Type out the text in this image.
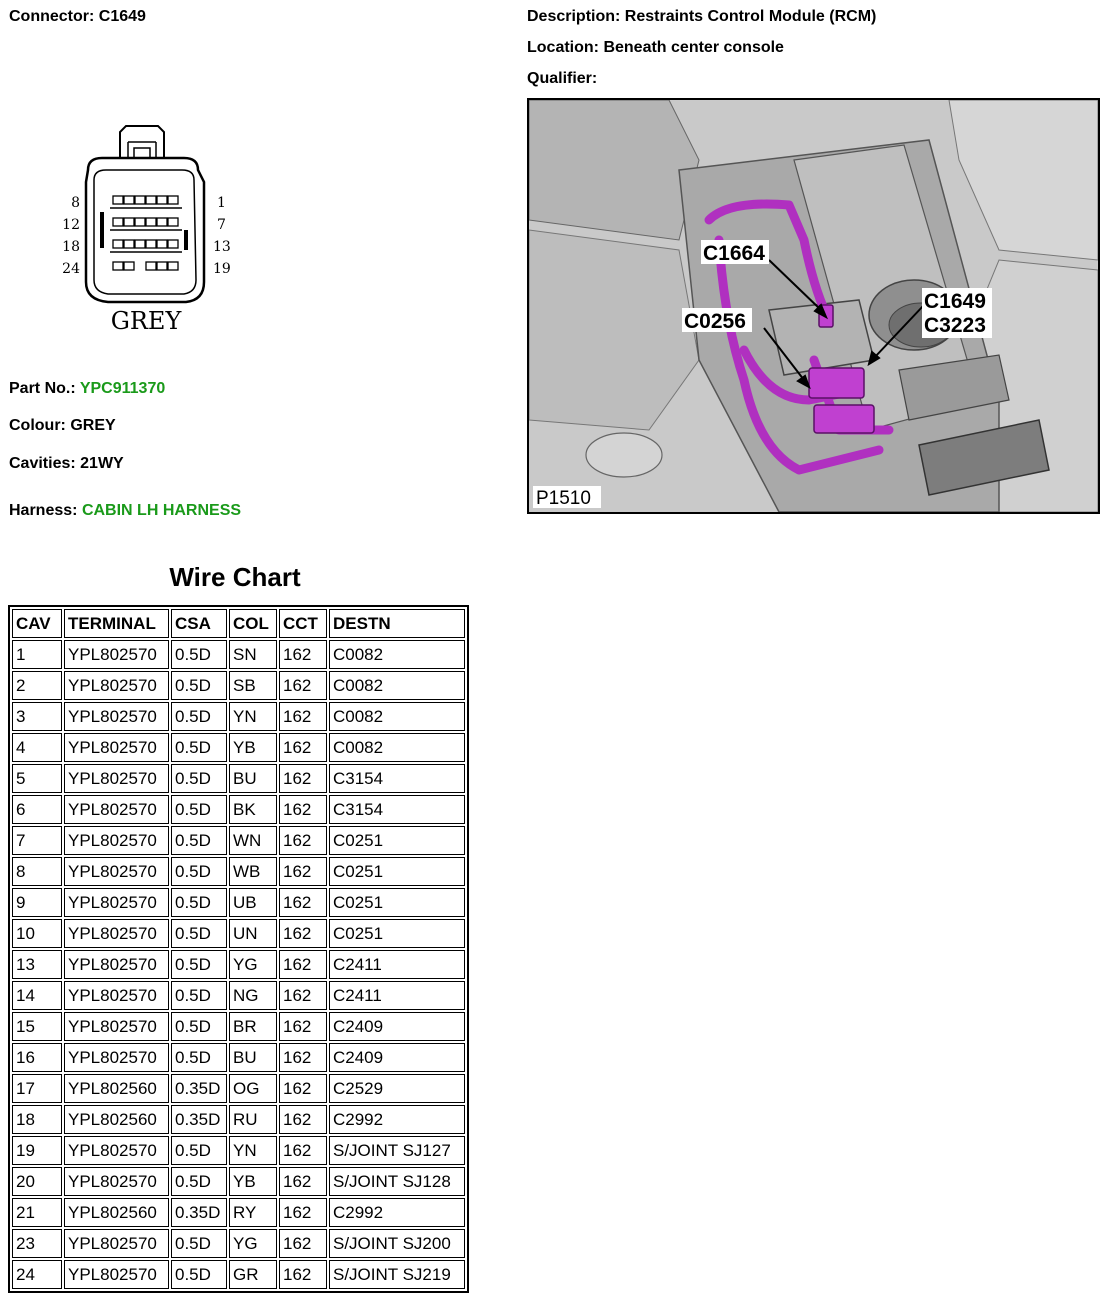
Connector: C1649	Description: Restraints Control Module (RCM)
Location: Beneath center console
Qualifier:
8
12
18
24
1
7
13
19
GREY
Part No.: YPC911370
Colour: GREY
Cavities: 21WY
Harness: CABIN LH HARNESS
C1664
C0256
C1649
C3223
P1510
Wire Chart
CAV	TERMINAL	CSA	COL	CCT	DESTN
1	YPL802570	0.5D	SN	162	C0082
2	YPL802570	0.5D	SB	162	C0082
3	YPL802570	0.5D	YN	162	C0082
4	YPL802570	0.5D	YB	162	C0082
5	YPL802570	0.5D	BU	162	C3154
6	YPL802570	0.5D	BK	162	C3154
7	YPL802570	0.5D	WN	162	C0251
8	YPL802570	0.5D	WB	162	C0251
9	YPL802570	0.5D	UB	162	C0251
10	YPL802570	0.5D	UN	162	C0251
13	YPL802570	0.5D	YG	162	C2411
14	YPL802570	0.5D	NG	162	C2411
15	YPL802570	0.5D	BR	162	C2409
16	YPL802570	0.5D	BU	162	C2409
17	YPL802560	0.35D	OG	162	C2529
18	YPL802560	0.35D	RU	162	C2992
19	YPL802570	0.5D	YN	162	S/JOINT SJ127
20	YPL802570	0.5D	YB	162	S/JOINT SJ128
21	YPL802560	0.35D	RY	162	C2992
23	YPL802570	0.5D	YG	162	S/JOINT SJ200
24	YPL802570	0.5D	GR	162	S/JOINT SJ219
